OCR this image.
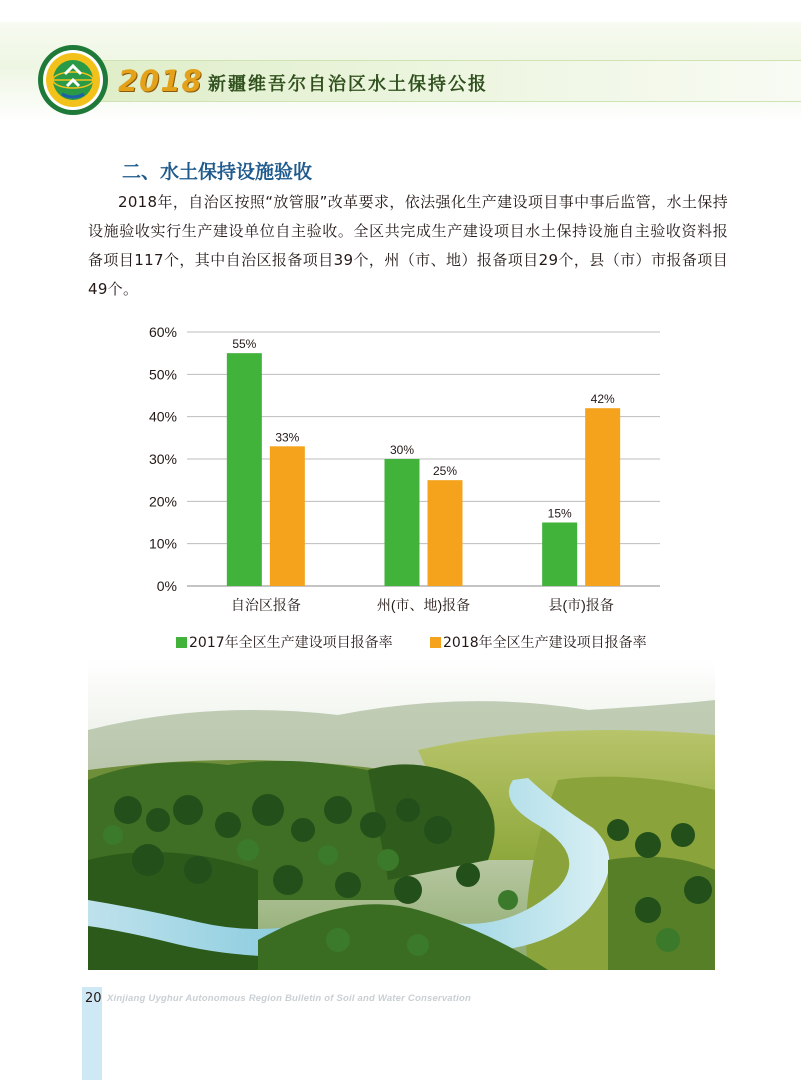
2018 新疆维吾尔自治区水土保持公报
二、水土保持设施验收

2018年，自治区按照“放管服”改革要求，依法强化生产建设项目事中事后监管，水土保持设施验收实行生产建设单位自主验收。全区共完成生产建设项目水土保持设施自主验收资料报备项目117个，其中自治区报备项目39个，州（市、地）报备项目29个，县（市）市报备项目49个。

0%
10%
20%
30%
40%
50%
60%
55%
33%
自治区报备
30%
25%
州(市、地)报备
15%
42%
县(市)报备
2017年全区生产建设项目报备率	2018年全区生产建设项目报备率
20 Xinjiang Uyghur Autonomous Region Bulletin of Soil and Water Conservation
